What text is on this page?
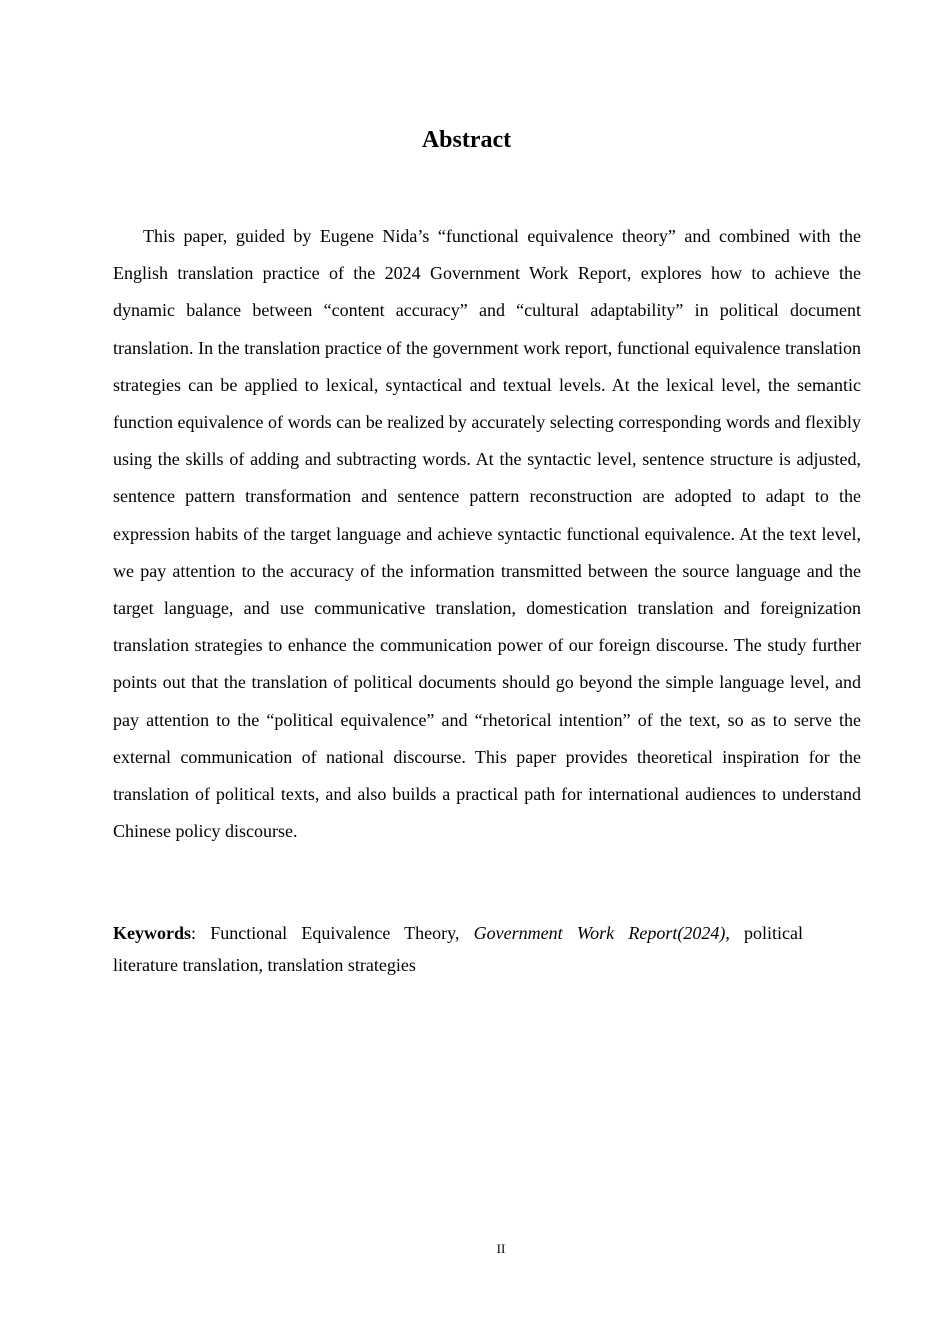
Abstract

This paper, guided by Eugene Nida’s “functional equivalence theory” and combined with the English translation practice of the 2024 Government Work Report, explores how to achieve the dynamic balance between “content accuracy” and “cultural adaptability” in political document translation. In the translation practice of the government work report, functional equivalence translation strategies can be applied to lexical, syntactical and textual levels. At the lexical level, the semantic function equivalence of words can be realized by accurately selecting corresponding words and flexibly using the skills of adding and subtracting words. At the syntactic level, sentence structure is adjusted, sentence pattern transformation and sentence pattern reconstruction are adopted to adapt to the expression habits of the target language and achieve syntactic functional equivalence. At the text level, we pay attention to the accuracy of the information transmitted between the source language and the target language, and use communicative translation, domestication translation and foreignization translation strategies to enhance the communication power of our foreign discourse. The study further points out that the translation of political documents should go beyond the simple language level, and pay attention to the “political equivalence” and “rhetorical intention” of the text, so as to serve the external communication of national discourse. This paper provides theoretical inspiration for the translation of political texts, and also builds a practical path for international audiences to understand Chinese policy discourse.

Keywords: Functional Equivalence Theory, Government Work Report(2024), political literature translation, translation strategies

II
